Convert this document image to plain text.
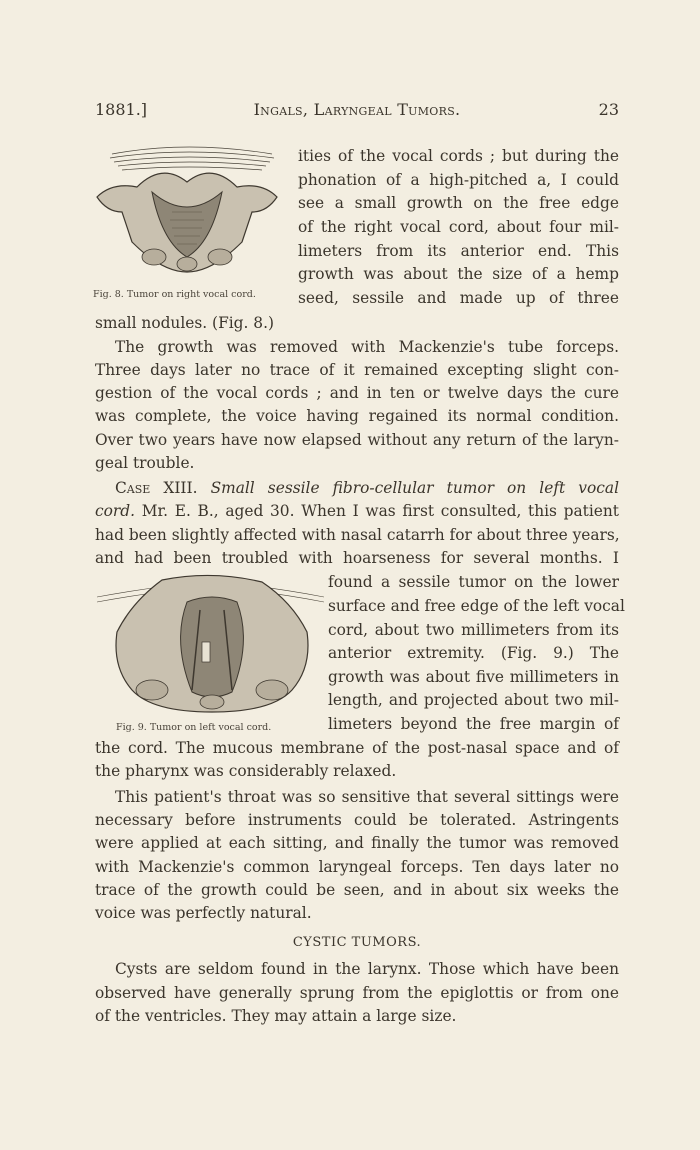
1881.]	Ingals, Laryngeal Tumors.	23
Fig. 8. Tumor on right vocal cord.
Fig. 9. Tumor on left vocal cord.
ities of the vocal cords ; but during the
phonation of a high-pitched a, I could
see a small growth on the free edge
of the right vocal cord, about four mil-
limeters from its anterior end. This
growth was about the size of a hemp
seed, sessile and made up of three
small nodules. (Fig. 8.)
The growth was removed with Mackenzie's tube forceps.
Three days later no trace of it remained excepting slight con-
gestion of the vocal cords ; and in ten or twelve days the cure
was complete, the voice having regained its normal condition.
Over two years have now elapsed without any return of the laryn-
geal trouble.
Case XIII. Small sessile fibro-cellular tumor on left vocal
cord. Mr. E. B., aged 30. When I was first consulted, this patient
had been slightly affected with nasal catarrh for about three years,
and had been troubled with hoarseness for several months. I
found a sessile tumor on the lower
surface and free edge of the left vocal
cord, about two millimeters from its
anterior extremity. (Fig. 9.) The
growth was about five millimeters in
length, and projected about two mil-
limeters beyond the free margin of
the cord. The mucous membrane of the post-nasal space and of
the pharynx was considerably relaxed.
This patient's throat was so sensitive that several sittings were
necessary before instruments could be tolerated. Astringents
were applied at each sitting, and finally the tumor was removed
with Mackenzie's common laryngeal forceps. Ten days later no
trace of the growth could be seen, and in about six weeks the
voice was perfectly natural.
CYSTIC TUMORS.
Cysts are seldom found in the larynx. Those which have been
observed have generally sprung from the epiglottis or from one
of the ventricles. They may attain a large size.
